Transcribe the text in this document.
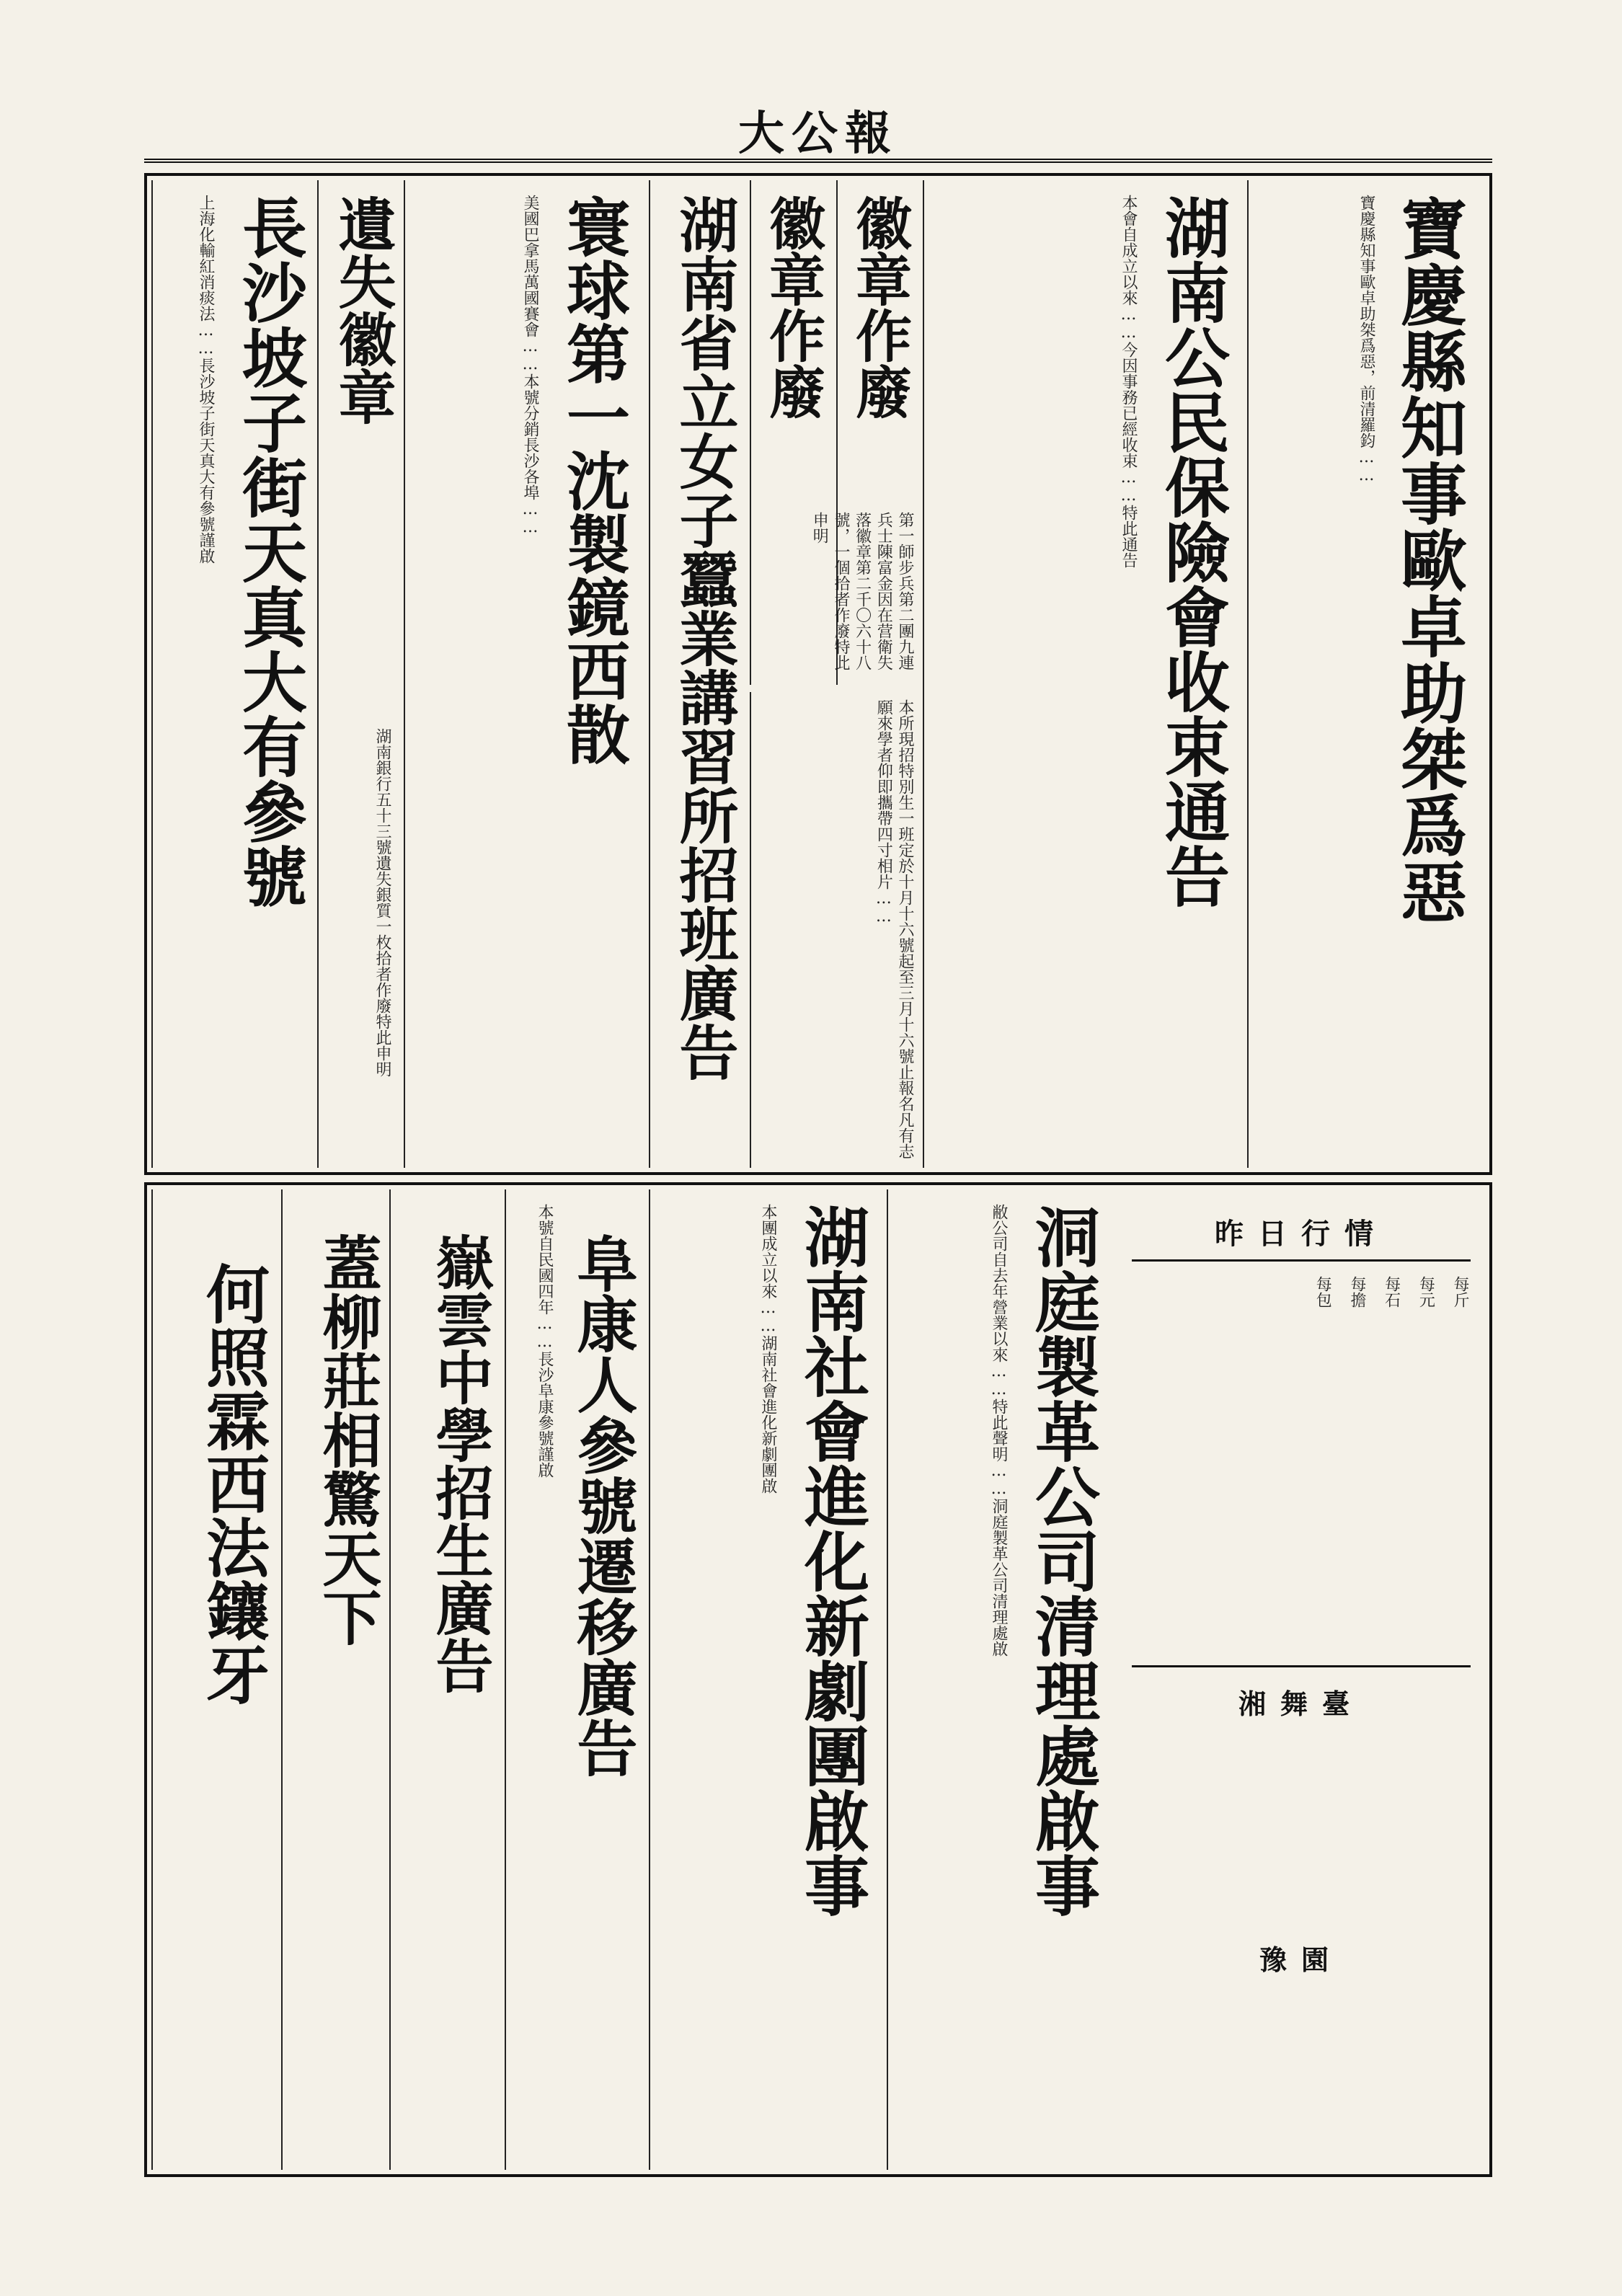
大公報
寶慶縣知事歐卓助桀爲惡
寶慶縣知事歐卓助桀爲惡，前清羅鈞……
湖南公民保險會收束通告
本會自成立以來……今因事務已經收束……特此通告
徽章作廢
徽章作廢
第一師步兵第二團九連兵士陳富金因在营衛失落徽章第二千〇六十八號，一個拾者作廢特此申明
湖南省立女子蠶業講習所招班廣告	本所現招特別生一班定於十月十六號起至三月十六號止報名凡有志願來學者仰即攜帶四寸相片……
寰球第一沈製鏡西散
美國巴拿馬萬國賽會……本號分銷長沙各埠……
遺失徽章
湖南銀行五十三號遺失銀質一枚拾者作廢特此申明
長沙坡子街天真大有參號
上海化輸紅消痰法……長沙坡子街天真大有參號謹啟
昨日行情
每斤
每元
每石
每擔
每包
湘舞臺
豫園
洞庭製革公司清理處啟事
敝公司自去年營業以來……特此聲明……洞庭製革公司清理處啟
湖南社會進化新劇團啟事
本團成立以來……湖南社會進化新劇團啟
阜康人參號遷移廣告
本號自民國四年……長沙阜康參號謹啟
嶽雲中學招生廣告
蓋柳莊相驚天下
何照霖西法鑲牙
